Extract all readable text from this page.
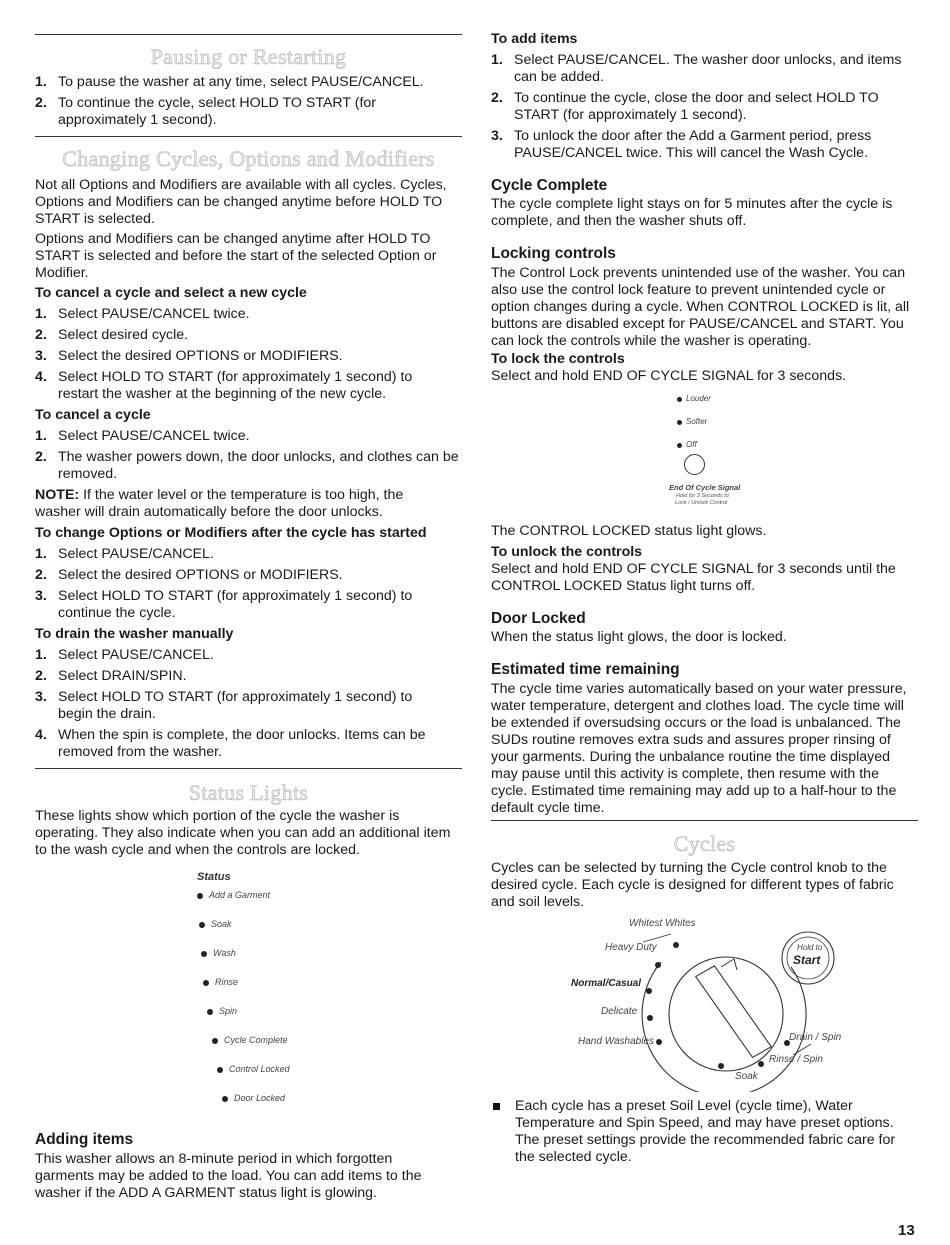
Pausing or Restarting
1. To pause the washer at any time, select PAUSE/CANCEL.
2. To continue the cycle, select HOLD TO START (for approximately 1 second).
Changing Cycles, Options and Modifiers
Not all Options and Modifiers are available with all cycles. Cycles, Options and Modifiers can be changed anytime before HOLD TO START is selected.
Options and Modifiers can be changed anytime after HOLD TO START is selected and before the start of the selected Option or Modifier.
To cancel a cycle and select a new cycle
1. Select PAUSE/CANCEL twice.
2. Select desired cycle.
3. Select the desired OPTIONS or MODIFIERS.
4. Select HOLD TO START (for approximately 1 second) to restart the washer at the beginning of the new cycle.
To cancel a cycle
1. Select PAUSE/CANCEL twice.
2. The washer powers down, the door unlocks, and clothes can be removed.
NOTE: If the water level or the temperature is too high, the washer will drain automatically before the door unlocks.
To change Options or Modifiers after the cycle has started
1. Select PAUSE/CANCEL.
2. Select the desired OPTIONS or MODIFIERS.
3. Select HOLD TO START (for approximately 1 second) to continue the cycle.
To drain the washer manually
1. Select PAUSE/CANCEL.
2. Select DRAIN/SPIN.
3. Select HOLD TO START (for approximately 1 second) to begin the drain.
4. When the spin is complete, the door unlocks. Items can be removed from the washer.
Status Lights
These lights show which portion of the cycle the washer is operating. They also indicate when you can add an additional item to the wash cycle and when the controls are locked.
Status
Add a Garment
Soak
Wash
Rinse
Spin
Cycle Complete
Control Locked
Door Locked
Adding items
This washer allows an 8-minute period in which forgotten garments may be added to the load. You can add items to the washer if the ADD A GARMENT status light is glowing.
To add items
1. Select PAUSE/CANCEL. The washer door unlocks, and items can be added.
2. To continue the cycle, close the door and select HOLD TO START (for approximately 1 second).
3. To unlock the door after the Add a Garment period, press PAUSE/CANCEL twice. This will cancel the Wash Cycle.
Cycle Complete
The cycle complete light stays on for 5 minutes after the cycle is complete, and then the washer shuts off.
Locking controls
The Control Lock prevents unintended use of the washer. You can also use the control lock feature to prevent unintended cycle or option changes during a cycle. When CONTROL LOCKED is lit, all buttons are disabled except for PAUSE/CANCEL and START. You can lock the controls while the washer is operating.
To lock the controls
Select and hold END OF CYCLE SIGNAL for 3 seconds.
Louder
Softer
Off
End Of Cycle Signal
Hold for 3 Seconds to
Lock / Unlock Control
The CONTROL LOCKED status light glows.
To unlock the controls
Select and hold END OF CYCLE SIGNAL for 3 seconds until the CONTROL LOCKED Status light turns off.
Door Locked
When the status light glows, the door is locked.
Estimated time remaining
The cycle time varies automatically based on your water pressure, water temperature, detergent and clothes load. The cycle time will be extended if oversudsing occurs or the load is unbalanced. The SUDs routine removes extra suds and assures proper rinsing of your garments. During the unbalance routine the time displayed may pause until this activity is complete, then resume with the cycle. Estimated time remaining may add up to a half-hour to the default cycle time.
Cycles
Cycles can be selected by turning the Cycle control knob to the desired cycle. Each cycle is designed for different types of fabric and soil levels.
Whitest Whites
Heavy Duty
Normal/Casual
Delicate
Hand Washables	Drain / Spin
Rinse / Spin
Soak
Hold to
Start
Each cycle has a preset Soil Level (cycle time), Water Temperature and Spin Speed, and may have preset options. The preset settings provide the recommended fabric care for the selected cycle.
13
